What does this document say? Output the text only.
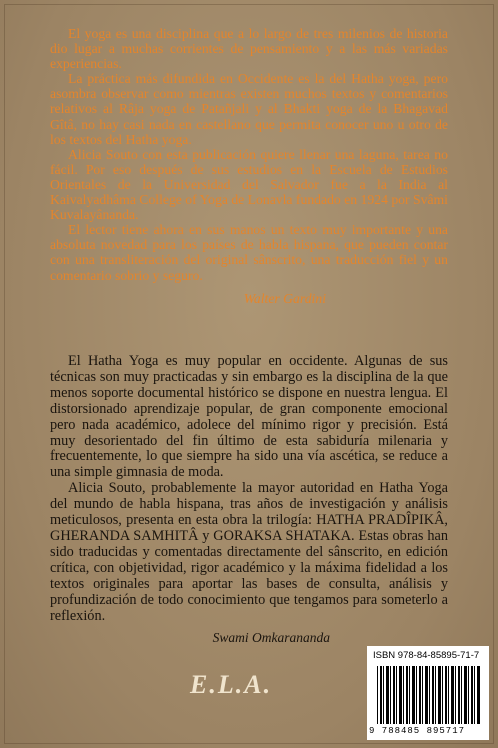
El yoga es una disciplina que a lo largo de tres milenios de historia dio lugar a muchas corrientes de pensamiento y a las más variadas experiencias.

La práctica más difundida en Occidente es la del Hatha yoga, pero asombra observar como mientras existen muchos textos y comentarios relativos al Râja yoga de Patañjali y al Bhakti yoga de la Bhagavad Gîtâ, no hay casi nada en castellano que permita conocer uno u otro de los textos del Hatha yoga.

Alicia Souto con esta publicación quiere llenar una laguna, tarea no fácil. Por eso después de sus estudios en la Escuela de Estudios Orientales de la Universidad del Salvador fue a la India al Kaivalyadhâma College of Yoga de Lonavla fundado en 1924 por Svâmi Kuvalayânanda.

El lector tiene ahora en sus manos un texto muy importante y una absoluta novedad para los países de habla hispana, que pueden contar con una transliteración del original sânscrito, una traducción fiel y un comentario sobrio y seguro.

Walter Gardini

El Hatha Yoga es muy popular en occidente. Algunas de sus técnicas son muy practicadas y sin embargo es la disciplina de la que menos soporte documental histórico se dispone en nuestra lengua. El distorsionado aprendizaje popular, de gran componente emocional pero nada académico, adolece del mínimo rigor y precisión. Está muy desorientado del fin último de esta sabiduría milenaria y frecuentemente, lo que siempre ha sido una vía ascética, se reduce a una simple gimnasia de moda.

Alicia Souto, probablemente la mayor autoridad en Hatha Yoga del mundo de habla hispana, tras años de investigación y análisis meticulosos, presenta en esta obra la trilogía: HATHA PRADÎPIKÂ, GHERANDA SAMHITÂ y GORAKSA SHATAKA. Estas obras han sido traducidas y comentadas directamente del sânscrito, en edición crítica, con objetividad, rigor académico y la máxima fidelidad a los textos originales para aportar las bases de consulta, análisis y profundización de todo conocimiento que tengamos para someterlo a reflexión.

Swami Omkarananda

E.L.A.
ISBN 978-84-85895-71-7
9 788485 895717
